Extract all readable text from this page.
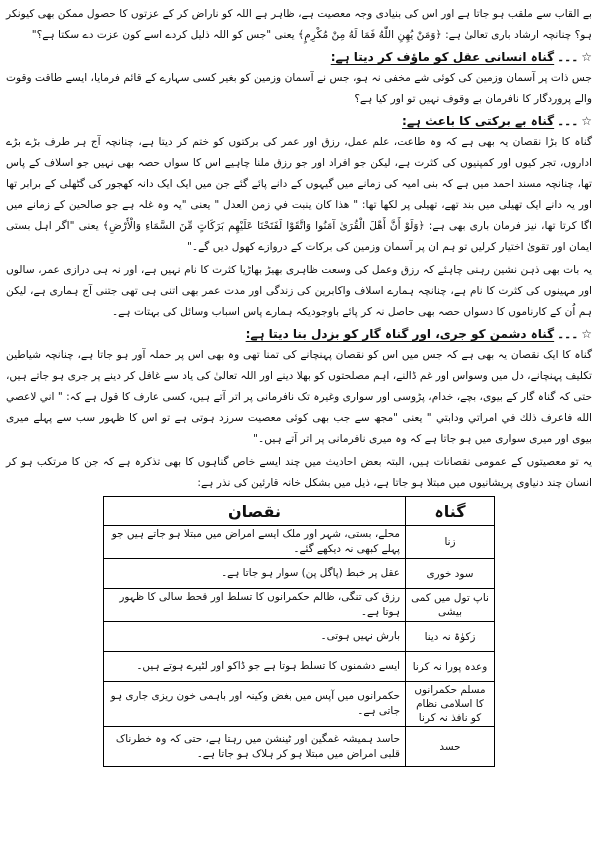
بے القاب سے ملقب ہو جاتا ہے اور اس کی بنیادی وجہ معصیت ہے، ظاہر ہے اللہ کو ناراض کر کے عزتوں کا حصول ممکن بھی کیونکر ہو؟ چنانچہ ارشاد باری تعالیٰ ہے: ﴿وَمَنْ يُهِنِ اللّٰهُ فَمَا لَهُ مِنْ مُكْرِمٍ﴾ یعنی "جس کو اللہ ذلیل کردے اسے کون عزت دے سکتا ہے؟"

☆
۔۔۔
گناہ انسانی عقل کو ماؤف کر دیتا ہے:

جس ذات پر آسمان وزمین کی کوئی شے مخفی نہ ہو، جس نے آسمان وزمین کو بغیر کسی سہارے کے قائم فرمایا، ایسے طاقت وقوت والے پروردگار کا نافرمان بے وقوف نہیں تو اور کیا ہے؟

☆
۔۔۔
گناہ بے برکتی کا باعث ہے:

گناہ کا بڑا نقصان یہ بھی ہے کہ وہ طاعت، علم عمل، رزق اور عمر کی برکتوں کو ختم کر دیتا ہے، چنانچہ آج ہر طرف بڑے بڑے اداروں، تجر کیوں اور کمپنیوں کی کثرت ہے، لیکن جو افراد اور جو رزق ملنا چاہیے اس کا سواں حصہ بھی نہیں جو اسلاف کے پاس تھا، چنانچہ مسند احمد میں ہے کہ بنی امیہ کی زمانے میں گیہوں کے دانے پائے گئے جن میں ایک ایک دانہ کھجور کی گٹھلی کے برابر تھا اور یہ دانے ایک تھیلی میں بند تھے، تھیلی پر لکھا تھا: " هذا كان ينبت في زمن العدل " یعنی "یہ وہ غلہ ہے جو صالحین کے زمانے میں اگا کرتا تھا، نیز فرمان باری بھی ہے: ﴿وَلَوْ أَنَّ أَهْلَ الْقُرَىٰ آمَنُوا وَاتَّقَوْا لَفَتَحْنَا عَلَيْهِم بَرَكَاتٍ مِّنَ السَّمَاءِ وَالْأَرْضِ﴾ یعنی "اگر اہل بستی ایمان اور تقویٰ اختیار کرلیں تو ہم ان پر آسمان وزمین کی برکات کے دروازے کھول دیں گے۔"

یہ بات بھی ذہن نشین رہنی چاہئے کہ رزق وعمل کی وسعت ظاہری بھیڑ بھاڑیا کثرت کا نام نہیں ہے، اور نہ ہی درازی عمر، سالوں اور مہینوں کی کثرت کا نام ہے، چنانچہ ہمارے اسلاف واکابرین کی زندگی اور مدت عمر بھی اتنی ہی تھی جتنی آج ہماری ہے، لیکن ہم اُن کے کارناموں کا دسواں حصہ بھی حاصل نہ کر پائے باوجودیکہ ہمارے پاس اسباب وسائل کی بہتات ہے۔

☆
۔۔۔
گناہ دشمن کو جری، اور گناہ گار کو بزدل بنا دیتا ہے:

گناہ کا ایک نقصان یہ بھی ہے کہ جس میں اس کو نقصان پہنچانے کی تمنا تھی وہ بھی اس پر حملہ آور ہو جاتا ہے، چنانچہ شیاطین تکلیف پہنچانے، دل میں وسواس اور غم ڈالنے، اہم مصلحتوں کو بھلا دینے اور اللہ تعالیٰ کی یاد سے غافل کر دینے پر جری ہو جاتے ہیں، حتی کہ گناہ گار کے بیوی، بچے، خدام، پڑوسی اور سواری وغیرہ تک نافرمانی پر اتر آتے ہیں، کسی عارف کا قول ہے کہ: " اني لاعصي الله فاعرف ذلك في امراتي ودابتي " یعنی "مجھ سے جب بھی کوئی معصیت سرزد ہوتی ہے تو اس کا ظہور سب سے پہلے میری بیوی اور میری سواری میں ہو جاتا ہے کہ وہ میری نافرمانی پر اتر آتے ہیں۔"

یہ تو معصیتوں کے عمومی نقصانات ہیں، البتہ بعض احادیث میں چند ایسے خاص گناہوں کا بھی تذکرہ ہے کہ جن کا مرتکب ہو کر انسان چند دنیاوی پریشانیوں میں مبتلا ہو جاتا ہے، ذیل میں بشکل خانہ قارئین کی نذر ہے:

گناہ	نقصان
زنا	محلے، بستی، شہر اور ملک ایسے امراض میں مبتلا ہو جاتے ہیں جو پہلے کبھی نہ دیکھے گئے۔
سود خوری	عقل پر خبط (پاگل پن) سوار ہو جاتا ہے۔
ناپ تول میں کمی بیشی	رزق کی تنگی، ظالم حکمرانوں کا تسلط اور قحط سالی کا ظہور ہوتا ہے۔
زکوٰۃ نہ دینا	بارش نہیں ہوتی۔
وعدہ پورا نہ کرنا	ایسے دشمنوں کا تسلط ہوتا ہے جو ڈاکو اور لٹیرے ہوتے ہیں۔
مسلم حکمرانوں کا اسلامی نظام کو نافذ نہ کرنا	حکمرانوں میں آپس میں بغض وکینہ اور باہمی خون ریزی جاری ہو جاتی ہے۔
حسد	حاسد ہمیشہ غمگین اور ٹینشن میں رہتا ہے، حتی کہ وہ خطرناک قلبی امراض میں مبتلا ہو کر ہلاک ہو جاتا ہے۔
